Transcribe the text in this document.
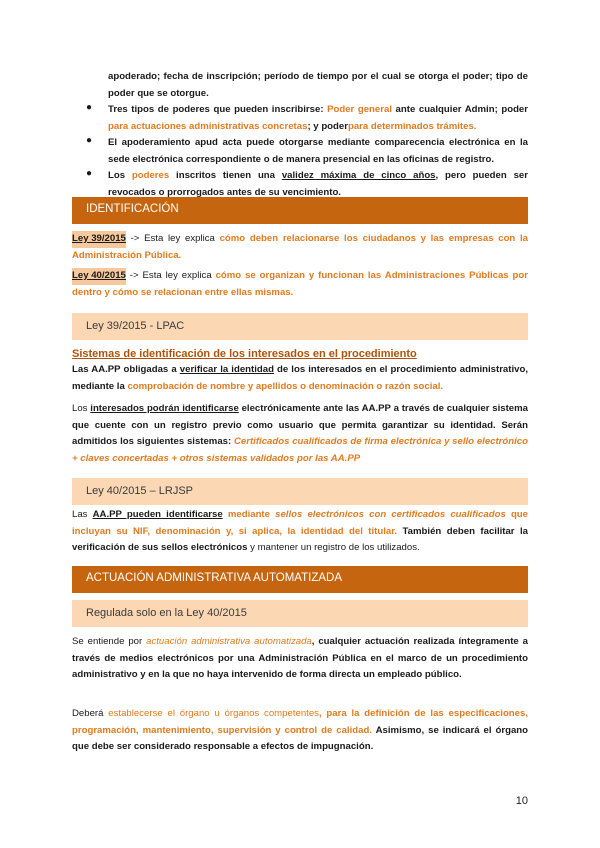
apoderado; fecha de inscripción; período de tiempo por el cual se otorga el poder; tipo de poder que se otorgue.

● Tres tipos de poderes que pueden inscribirse: Poder general ante cualquier Admin; poder para actuaciones administrativas concretas; y poderpara determinados trámites.

● El apoderamiento apud acta puede otorgarse mediante comparecencia electrónica en la sede electrónica correspondiente o de manera presencial en las oficinas de registro.

● Los poderes inscritos tienen una validez máxima de cinco años, pero pueden ser revocados o prorrogados antes de su vencimiento.

IDENTIFICACIÓN

Ley 39/2015 -> Esta ley explica cómo deben relacionarse los ciudadanos y las empresas con la Administración Pública.

Ley 40/2015 -> Esta ley explica cómo se organizan y funcionan las Administraciones Públicas por dentro y cómo se relacionan entre ellas mismas.

Ley 39/2015 - LPAC

Sistemas de identificación de los interesados en el procedimiento

Las AA.PP obligadas a verificar la identidad de los interesados en el procedimiento administrativo, mediante la comprobación de nombre y apellidos o denominación o razón social.

Los interesados podrán identificarse electrónicamente ante las AA.PP a través de cualquier sistema que cuente con un registro previo como usuario que permita garantizar su identidad. Serán admitidos los siguientes sistemas: Certificados cualificados de firma electrónica y sello electrónico + claves concertadas + otros sistemas validados por las AA.PP

Ley 40/2015 – LRJSP

Las AA.PP pueden identificarse mediante sellos electrónicos con certificados cualificados que incluyan su NIF, denominación y, si aplica, la identidad del titular. También deben facilitar la verificación de sus sellos electrónicos y mantener un registro de los utilizados.

ACTUACIÓN ADMINISTRATIVA AUTOMATIZADA
Regulada solo en la Ley 40/2015

Se entiende por actuación administrativa automatizada, cualquier actuación realizada íntegramente a través de medios electrónicos por una Administración Pública en el marco de un procedimiento administrativo y en la que no haya intervenido de forma directa un empleado público.

Deberá establecerse el órgano u órganos competentes, para la definición de las especificaciones, programación, mantenimiento, supervisión y control de calidad. Asimismo, se indicará el órgano que debe ser considerado responsable a efectos de impugnación.

10
